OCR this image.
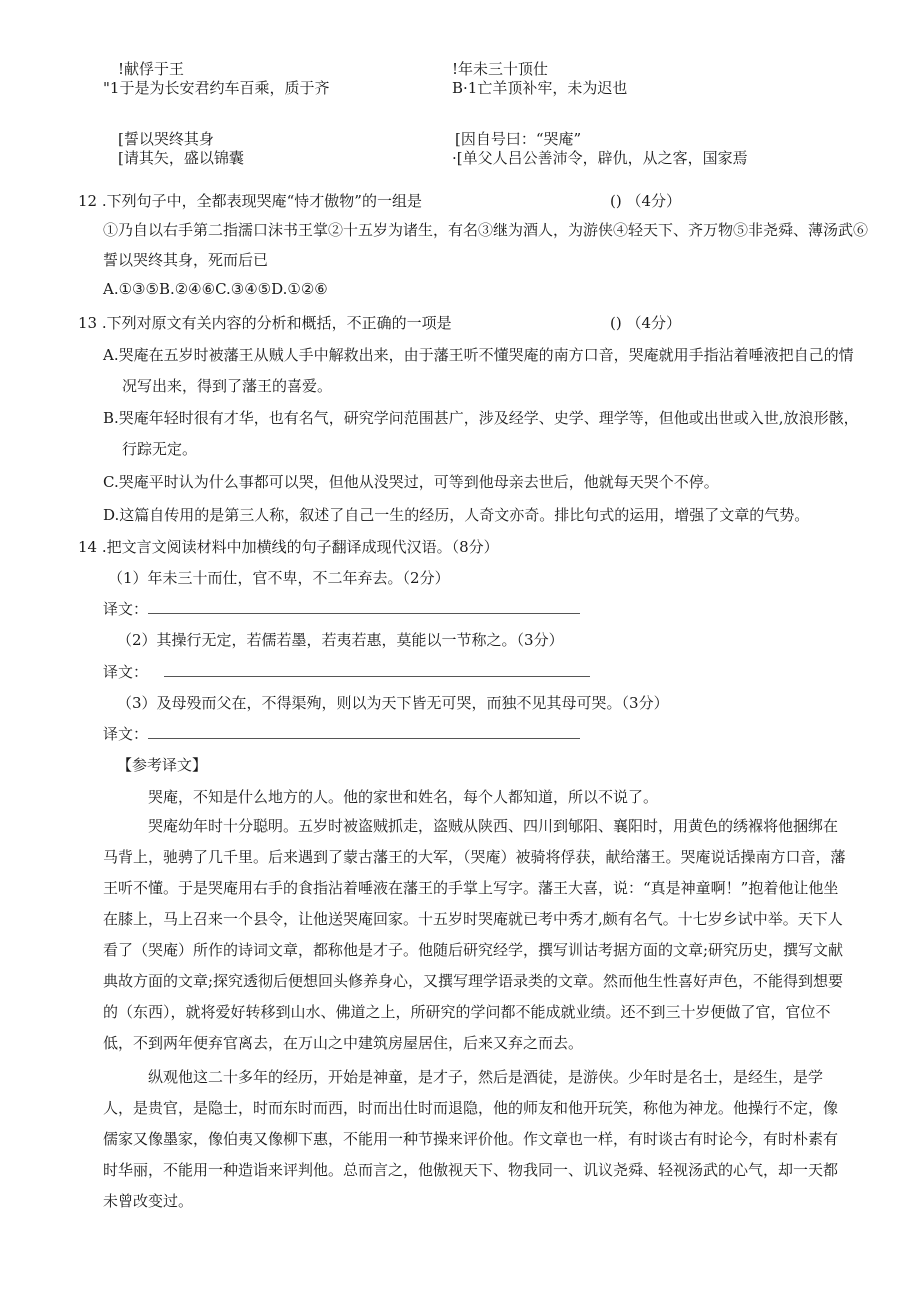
!献俘于王	!年未三十顶仕
"1于是为长安君约车百乘，质于齐	B·1亡羊顶补牢，未为迟也
[誓以哭终其身	[因自号曰：“哭庵”
[请其矢，盛以锦囊	·[单父人吕公善沛令，辟仇，从之客，国家焉
12 .下列句子中，全都表现哭庵“恃才傲物”的一组是	() （4分）
①乃自以右手第二指濡口沫书王掌②十五岁为诸生，有名③继为酒人，为游侠④轻天下、齐万物⑤非尧舜、薄汤武⑥
誓以哭终其身，死而后已
A.①③⑤B.②④⑥C.③④⑤D.①②⑥
13 .下列对原文有关内容的分析和概括，不正确的一项是	() （4分）
A.哭庵在五岁时被藩王从贼人手中解救出来，由于藩王听不懂哭庵的南方口音，哭庵就用手指沾着唾液把自己的情
况写出来，得到了藩王的喜爱。
B.哭庵年轻时很有才华，也有名气，研究学问范围甚广，涉及经学、史学、理学等，但他或出世或入世,放浪形骸，
行踪无定。
C.哭庵平时认为什么事都可以哭，但他从没哭过，可等到他母亲去世后，他就每天哭个不停。
D.这篇自传用的是第三人称，叙述了自己一生的经历，人奇文亦奇。排比句式的运用，增强了文章的气势。
14 .把文言文阅读材料中加横线的句子翻译成现代汉语。（8分）
（1）年未三十而仕，官不卑，不二年弃去。（2分）
译文：
（2）其操行无定，若儒若墨，若夷若惠，莫能以一节称之。（3分）
译文：
（3）及母殁而父在，不得渠殉，则以为天下皆无可哭，而独不见其母可哭。（3分）
译文：
【参考译文】
哭庵，不知是什么地方的人。他的家世和姓名，每个人都知道，所以不说了。
哭庵幼年时十分聪明。五岁时被盗贼抓走，盗贼从陕西、四川到郇阳、襄阳时，用黄色的绣褓将他捆绑在马背上，驰骋了几千里。后来遇到了蒙古藩王的大军，（哭庵）被骑将俘获，献给藩王。哭庵说话操南方口音，藩王听不懂。于是哭庵用右手的食指沾着唾液在藩王的手掌上写字。藩王大喜，说：“真是神童啊！”抱着他让他坐在膝上，马上召来一个县令，让他送哭庵回家。十五岁时哭庵就已考中秀才,颇有名气。十七岁乡试中举。天下人看了（哭庵）所作的诗词文章，都称他是才子。他随后研究经学，撰写训诂考据方面的文章;研究历史，撰写文献典故方面的文章;探究透彻后便想回头修养身心，又撰写理学语录类的文章。然而他生性喜好声色，不能得到想要的（东西），就将爱好转移到山水、佛道之上，所研究的学问都不能成就业绩。还不到三十岁便做了官，官位不低，不到两年便弃官离去，在万山之中建筑房屋居住，后来又弃之而去。
纵观他这二十多年的经历，开始是神童，是才子，然后是酒徒，是游侠。少年时是名士，是经生，是学人，是贵官，是隐士，时而东时而西，时而出仕时而退隐，他的师友和他开玩笑，称他为神龙。他操行不定，像儒家又像墨家，像伯夷又像柳下惠，不能用一种节操来评价他。作文章也一样，有时谈古有时论今，有时朴素有时华丽，不能用一种造诣来评判他。总而言之，他傲视天下、物我同一、讥议尧舜、轻视汤武的心气，却一天都未曾改变过。
